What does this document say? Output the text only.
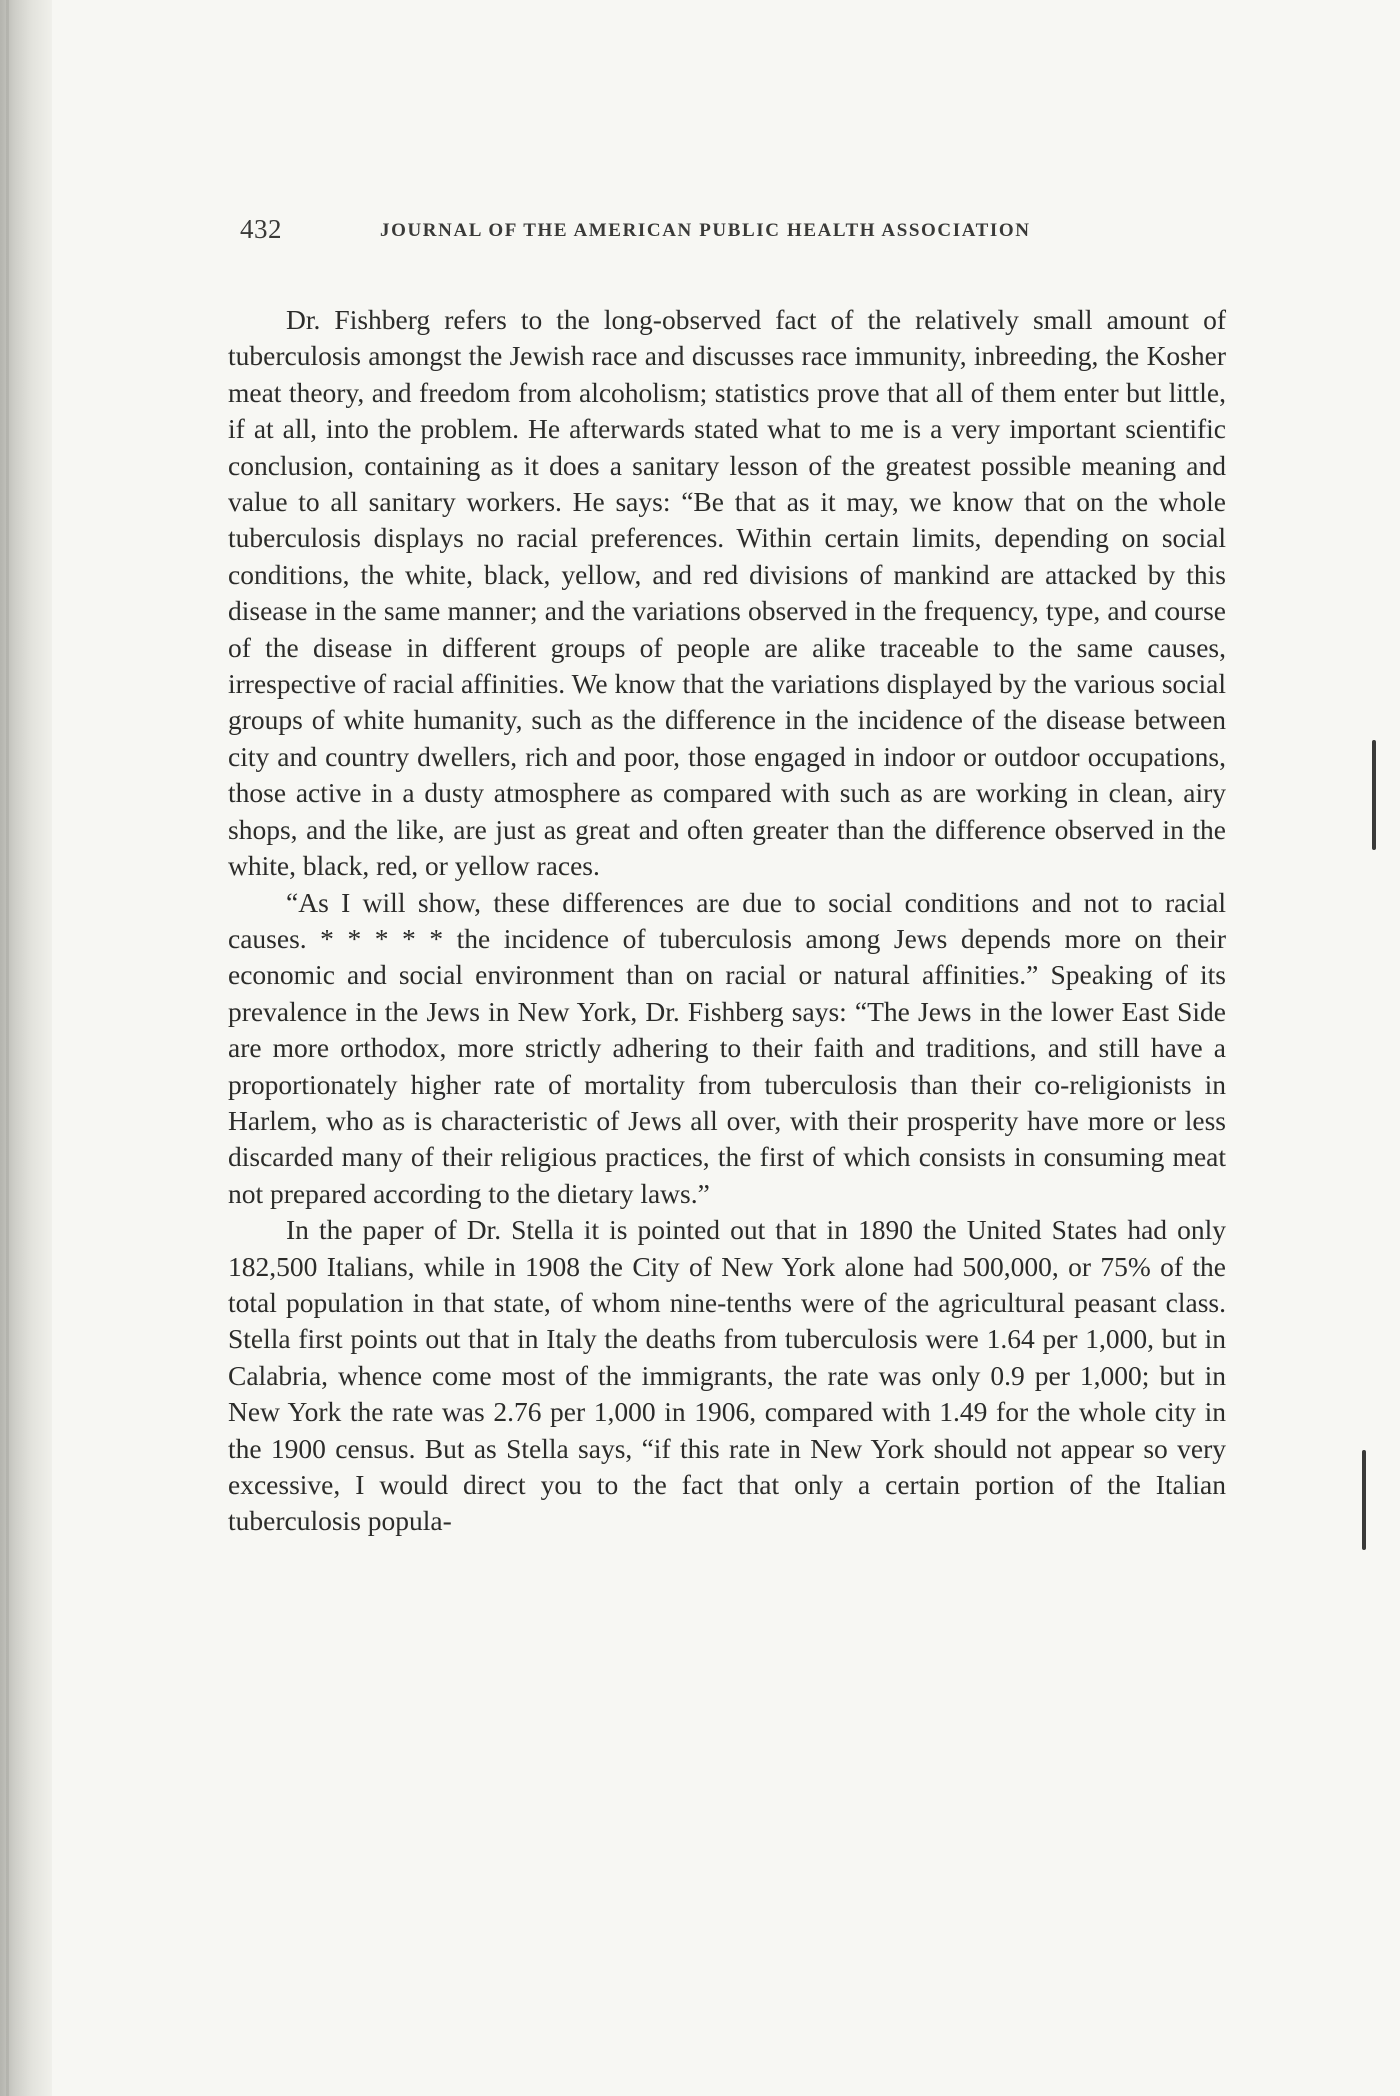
432	JOURNAL OF THE AMERICAN PUBLIC HEALTH ASSOCIATION

Dr. Fishberg refers to the long-observed fact of the relatively small amount of tuberculosis amongst the Jewish race and discusses race immunity, inbreeding, the Kosher meat theory, and freedom from alcoholism; statistics prove that all of them enter but little, if at all, into the problem. He afterwards stated what to me is a very important scientific conclusion, containing as it does a sanitary lesson of the greatest possible meaning and value to all sanitary workers. He says: “Be that as it may, we know that on the whole tuberculosis displays no racial preferences. Within certain limits, depending on social conditions, the white, black, yellow, and red divisions of mankind are attacked by this disease in the same manner; and the variations observed in the frequency, type, and course of the disease in different groups of people are alike traceable to the same causes, irrespective of racial affinities. We know that the variations displayed by the various social groups of white humanity, such as the difference in the incidence of the disease between city and country dwellers, rich and poor, those engaged in indoor or outdoor occupations, those active in a dusty atmosphere as compared with such as are working in clean, airy shops, and the like, are just as great and often greater than the difference observed in the white, black, red, or yellow races.

“As I will show, these differences are due to social conditions and not to racial causes. * * * * * the incidence of tuberculosis among Jews depends more on their economic and social environment than on racial or natural affinities.” Speaking of its prevalence in the Jews in New York, Dr. Fishberg says: “The Jews in the lower East Side are more orthodox, more strictly adhering to their faith and traditions, and still have a proportionately higher rate of mortality from tuberculosis than their co-religionists in Harlem, who as is characteristic of Jews all over, with their prosperity have more or less discarded many of their religious practices, the first of which consists in consuming meat not prepared according to the dietary laws.”

In the paper of Dr. Stella it is pointed out that in 1890 the United States had only 182,500 Italians, while in 1908 the City of New York alone had 500,000, or 75% of the total population in that state, of whom nine-tenths were of the agricultural peasant class. Stella first points out that in Italy the deaths from tuberculosis were 1.64 per 1,000, but in Calabria, whence come most of the immigrants, the rate was only 0.9 per 1,000; but in New York the rate was 2.76 per 1,000 in 1906, compared with 1.49 for the whole city in the 1900 census. But as Stella says, “if this rate in New York should not appear so very excessive, I would direct you to the fact that only a certain portion of the Italian tuberculosis popula-
